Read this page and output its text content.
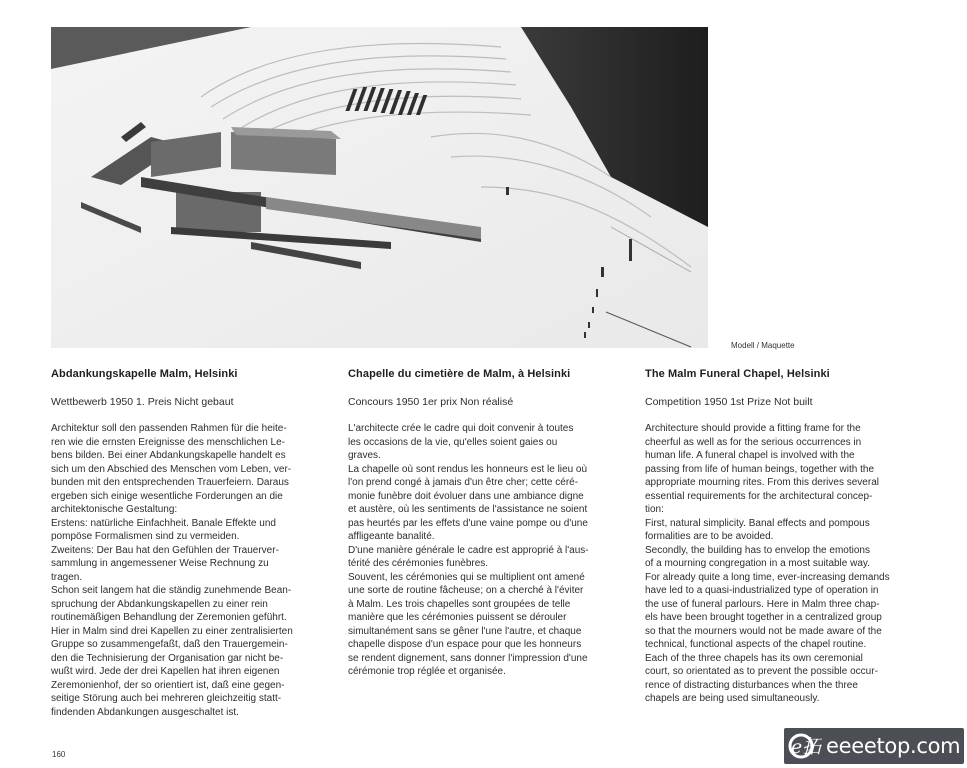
Modell / Maquette
Abdankungskapelle Malm, Helsinki
Wettbewerb 1950 1. Preis Nicht gebaut
Architektur soll den passenden Rahmen für die heite-
ren wie die ernsten Ereignisse des menschlichen Le-
bens bilden. Bei einer Abdankungskapelle handelt es
sich um den Abschied des Menschen vom Leben, ver-
bunden mit den entsprechenden Trauerfeiern. Daraus
ergeben sich einige wesentliche Forderungen an die
architektonische Gestaltung:
Erstens: natürliche Einfachheit. Banale Effekte und
pompöse Formalismen sind zu vermeiden.
Zweitens: Der Bau hat den Gefühlen der Trauerver-
sammlung in angemessener Weise Rechnung zu
tragen.
Schon seit langem hat die ständig zunehmende Bean-
spruchung der Abdankungskapellen zu einer rein
routinemäßigen Behandlung der Zeremonien geführt.
Hier in Malm sind drei Kapellen zu einer zentralisierten
Gruppe so zusammengefaßt, daß den Trauergemein-
den die Technisierung der Organisation gar nicht be-
wußt wird. Jede der drei Kapellen hat ihren eigenen
Zeremonienhof, der so orientiert ist, daß eine gegen-
seitige Störung auch bei mehreren gleichzeitig statt-
findenden Abdankungen ausgeschaltet ist.
Chapelle du cimetière de Malm, à Helsinki
Concours 1950 1er prix Non réalisé
L'architecte crée le cadre qui doit convenir à toutes
les occasions de la vie, qu'elles soient gaies ou
graves.
La chapelle où sont rendus les honneurs est le lieu où
l'on prend congé à jamais d'un être cher; cette céré-
monie funèbre doit évoluer dans une ambiance digne
et austère, où les sentiments de l'assistance ne soient
pas heurtés par les effets d'une vaine pompe ou d'une
affligeante banalité.
D'une manière générale le cadre est approprié à l'aus-
térité des cérémonies funèbres.
Souvent, les cérémonies qui se multiplient ont amené
une sorte de routine fâcheuse; on a cherché à l'éviter
à Malm. Les trois chapelles sont groupées de telle
manière que les cérémonies puissent se dérouler
simultanément sans se gêner l'une l'autre, et chaque
chapelle dispose d'un espace pour que les honneurs
se rendent dignement, sans donner l'impression d'une
cérémonie trop réglée et organisée.
The Malm Funeral Chapel, Helsinki
Competition 1950 1st Prize Not built
Architecture should provide a fitting frame for the
cheerful as well as for the serious occurrences in
human life. A funeral chapel is involved with the
passing from life of human beings, together with the
appropriate mourning rites. From this derives several
essential requirements for the architectural concep-
tion:
First, natural simplicity. Banal effects and pompous
formalities are to be avoided.
Secondly, the building has to envelop the emotions
of a mourning congregation in a most suitable way.
For already quite a long time, ever-increasing demands
have led to a quasi-industrialized type of operation in
the use of funeral parlours. Here in Malm three chap-
els have been brought together in a centralized group
so that the mourners would not be made aware of the
technical, functional aspects of the chapel routine.
Each of the three chapels has its own ceremonial
court, so orientated as to prevent the possible occur-
rence of distracting disturbances when the three
chapels are being used simultaneously.
160	e拓 eeeetop.com
